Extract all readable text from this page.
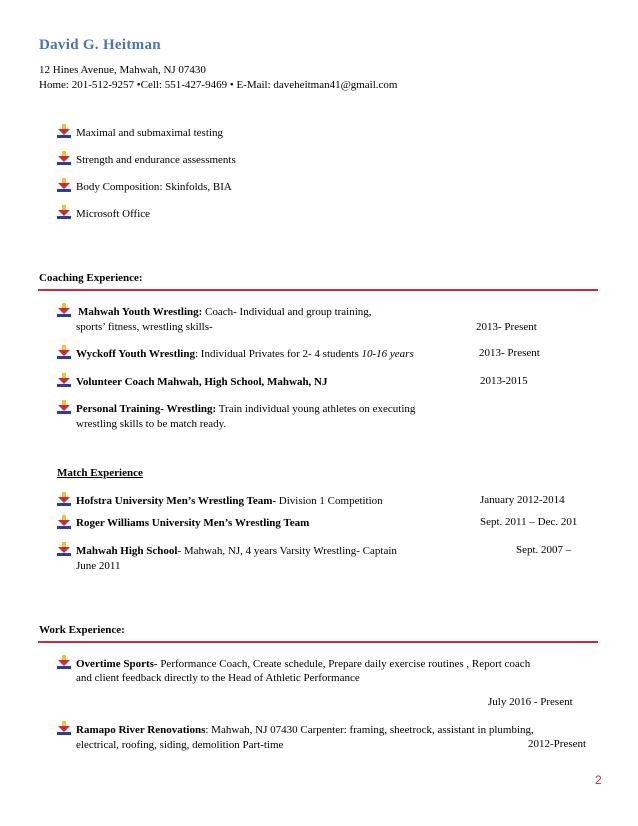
David G. Heitman
12 Hines Avenue, Mahwah, NJ 07430
Home: 201-512-9257 •Cell: 551-427-9469 • E-Mail: daveheitman41@gmail.com
Maximal and submaximal testing
Strength and endurance assessments
Body Composition: Skinfolds, BIA
Microsoft Office
Coaching Experience:
Mahwah Youth Wrestling: Coach- Individual and group training,
sports’ fitness, wrestling skills-	2013- Present
Wyckoff Youth Wrestling: Individual Privates for 2- 4 students 10-16 years	2013- Present
Volunteer Coach Mahwah, High School, Mahwah, NJ	2013-2015
Personal Training- Wrestling: Train individual young athletes on executing
wrestling skills to be match ready.
Match Experience
Hofstra University Men’s Wrestling Team- Division 1 Competition	January 2012-2014
Roger Williams University Men’s Wrestling Team	Sept. 2011 – Dec. 201
Mahwah High School- Mahwah, NJ, 4 years Varsity Wrestling- Captain	Sept. 2007 –
June 2011
Work Experience:
Overtime Sports- Performance Coach, Create schedule, Prepare daily exercise routines , Report coach
and client feedback directly to the Head of Athletic Performance
July 2016 - Present
Ramapo River Renovations: Mahwah, NJ 07430 Carpenter: framing, sheetrock, assistant in plumbing,
electrical, roofing, siding, demolition Part-time	2012-Present
2
